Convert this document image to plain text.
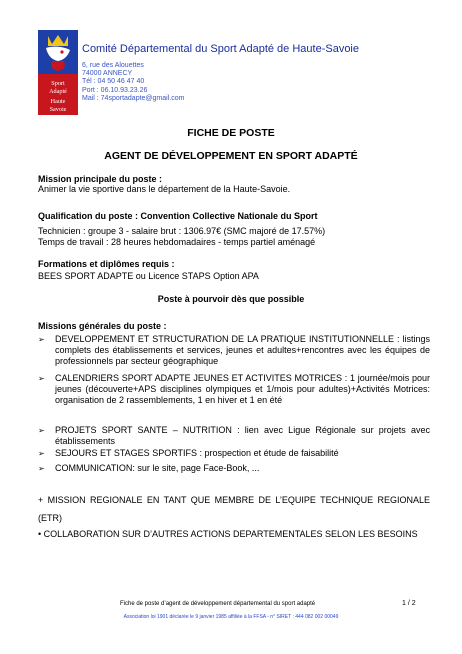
Sport
Adapté
Haute
Savoie
Comité Départemental du Sport Adapté de Haute-Savoie
6, rue des Alouettes
74000 ANNECY
Tél : 04 50 46 47 40
Port : 06.10.93.23.26
Mail : 74sportadapte@gmail.com
FICHE DE POSTE
AGENT DE DÉVELOPPEMENT EN SPORT ADAPTÉ
Mission principale du poste :
Animer la vie sportive dans le département de la Haute-Savoie.
Qualification du poste : Convention Collective Nationale du Sport
Technicien : groupe 3 - salaire brut : 1306.97€ (SMC majoré de 17.57%)
Temps de travail : 28 heures hebdomadaires - temps partiel aménagé
Formations et diplômes requis :
BEES SPORT ADAPTE ou Licence STAPS Option APA
Poste à pourvoir dès que possible
Missions générales du poste :
➢ DEVELOPPEMENT ET STRUCTURATION DE LA PRATIQUE INSTITUTIONNELLE : listings complets des établissements et services, jeunes et adultes+rencontres avec les équipes de professionnels par secteur géographique
➢ CALENDRIERS SPORT ADAPTE JEUNES ET ACTIVITES MOTRICES : 1 journée/mois pour jeunes (découverte+APS disciplines olympiques et 1/mois pour adultes)+Activités Motrices: organisation de 2 rassemblements, 1 en hiver et 1 en été
➢ PROJETS SPORT SANTE – NUTRITION : lien avec Ligue Régionale sur projets avec établissements
➢ SEJOURS ET STAGES SPORTIFS : prospection et étude de faisabilité
➢ COMMUNICATION: sur le site, page Face-Book, ...
+ MISSION REGIONALE EN TANT QUE MEMBRE DE L’EQUIPE TECHNIQUE REGIONALE (ETR)
• COLLABORATION SUR D’AUTRES ACTIONS DEPARTEMENTALES SELON LES BESOINS
Fiche de poste d’agent de développement départemental du sport adapté	1 / 2
Association loi 1901 déclarée le 9 janvier 1985 affiliée à la FFSA - n° SIRET : 444 082 002 00049
